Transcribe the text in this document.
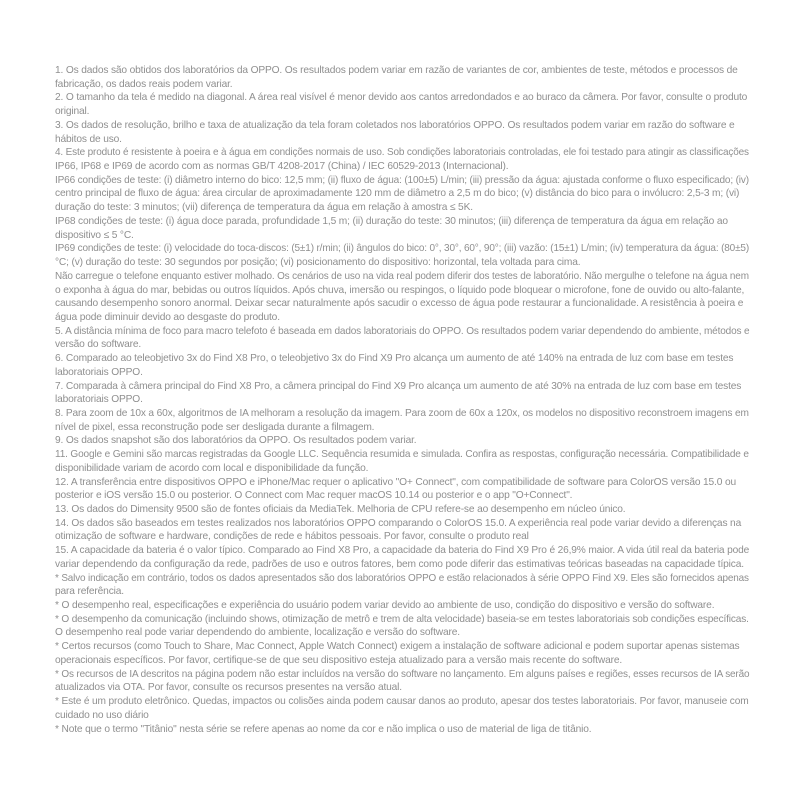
1. Os dados são obtidos dos laboratórios da OPPO. Os resultados podem variar em razão de variantes de cor, ambientes de teste, métodos e processos de
fabricação, os dados reais podem variar.
2. O tamanho da tela é medido na diagonal. A área real visível é menor devido aos cantos arredondados e ao buraco da câmera. Por favor, consulte o produto
original.
3. Os dados de resolução, brilho e taxa de atualização da tela foram coletados nos laboratórios OPPO. Os resultados podem variar em razão do software e
hábitos de uso.
4. Este produto é resistente à poeira e à água em condições normais de uso. Sob condições laboratoriais controladas, ele foi testado para atingir as classificações
IP66, IP68 e IP69 de acordo com as normas GB/T 4208-2017 (China) / IEC 60529-2013 (Internacional).
IP66 condições de teste: (i) diâmetro interno do bico: 12,5 mm; (ii) fluxo de água: (100±5) L/min; (iii) pressão da água: ajustada conforme o fluxo especificado; (iv)
centro principal de fluxo de água: área circular de aproximadamente 120 mm de diâmetro a 2,5 m do bico; (v) distância do bico para o invólucro: 2,5-3 m; (vi)
duração do teste: 3 minutos; (vii) diferença de temperatura da água em relação à amostra ≤ 5K.
IP68 condições de teste: (i) água doce parada, profundidade 1,5 m; (ii) duração do teste: 30 minutos; (iii) diferença de temperatura da água em relação ao
dispositivo ≤ 5 °C.
IP69 condições de teste: (i) velocidade do toca-discos: (5±1) r/min; (ii) ângulos do bico: 0°, 30°, 60°, 90°; (iii) vazão: (15±1) L/min; (iv) temperatura da água: (80±5)
°C; (v) duração do teste: 30 segundos por posição; (vi) posicionamento do dispositivo: horizontal, tela voltada para cima.
Não carregue o telefone enquanto estiver molhado. Os cenários de uso na vida real podem diferir dos testes de laboratório. Não mergulhe o telefone na água nem
o exponha à água do mar, bebidas ou outros líquidos. Após chuva, imersão ou respingos, o líquido pode bloquear o microfone, fone de ouvido ou alto-falante,
causando desempenho sonoro anormal. Deixar secar naturalmente após sacudir o excesso de água pode restaurar a funcionalidade. A resistência à poeira e
água pode diminuir devido ao desgaste do produto.
5. A distância mínima de foco para macro telefoto é baseada em dados laboratoriais do OPPO. Os resultados podem variar dependendo do ambiente, métodos e
versão do software.
6. Comparado ao teleobjetivo 3x do Find X8 Pro, o teleobjetivo 3x do Find X9 Pro alcança um aumento de até 140% na entrada de luz com base em testes
laboratoriais OPPO.
7. Comparada à câmera principal do Find X8 Pro, a câmera principal do Find X9 Pro alcança um aumento de até 30% na entrada de luz com base em testes
laboratoriais OPPO.
8. Para zoom de 10x a 60x, algoritmos de IA melhoram a resolução da imagem. Para zoom de 60x a 120x, os modelos no dispositivo reconstroem imagens em
nível de pixel, essa reconstrução pode ser desligada durante a filmagem.
9. Os dados snapshot são dos laboratórios da OPPO. Os resultados podem variar.
11. Google e Gemini são marcas registradas da Google LLC. Sequência resumida e simulada. Confira as respostas, configuração necessária. Compatibilidade e
disponibilidade variam de acordo com local e disponibilidade da função.
12. A transferência entre dispositivos OPPO e iPhone/Mac requer o aplicativo "O+ Connect", com compatibilidade de software para ColorOS versão 15.0 ou
posterior e iOS versão 15.0 ou posterior. O Connect com Mac requer macOS 10.14 ou posterior e o app "O+Connect".
13. Os dados do Dimensity 9500 são de fontes oficiais da MediaTek. Melhoria de CPU refere-se ao desempenho em núcleo único.
14. Os dados são baseados em testes realizados nos laboratórios OPPO comparando o ColorOS 15.0. A experiência real pode variar devido a diferenças na
otimização de software e hardware, condições de rede e hábitos pessoais. Por favor, consulte o produto real
15. A capacidade da bateria é o valor típico. Comparado ao Find X8 Pro, a capacidade da bateria do Find X9 Pro é 26,9% maior. A vida útil real da bateria pode
variar dependendo da configuração da rede, padrões de uso e outros fatores, bem como pode diferir das estimativas teóricas baseadas na capacidade típica.
* Salvo indicação em contrário, todos os dados apresentados são dos laboratórios OPPO e estão relacionados à série OPPO Find X9. Eles são fornecidos apenas
para referência.
* O desempenho real, especificações e experiência do usuário podem variar devido ao ambiente de uso, condição do dispositivo e versão do software.
* O desempenho da comunicação (incluindo shows, otimização de metrô e trem de alta velocidade) baseia-se em testes laboratoriais sob condições específicas.
O desempenho real pode variar dependendo do ambiente, localização e versão do software.
* Certos recursos (como Touch to Share, Mac Connect, Apple Watch Connect) exigem a instalação de software adicional e podem suportar apenas sistemas
operacionais específicos. Por favor, certifique-se de que seu dispositivo esteja atualizado para a versão mais recente do software.
* Os recursos de IA descritos na página podem não estar incluídos na versão do software no lançamento. Em alguns países e regiões, esses recursos de IA serão
atualizados via OTA. Por favor, consulte os recursos presentes na versão atual.
* Este é um produto eletrônico. Quedas, impactos ou colisões ainda podem causar danos ao produto, apesar dos testes laboratoriais. Por favor, manuseie com
cuidado no uso diário
* Note que o termo "Titânio" nesta série se refere apenas ao nome da cor e não implica o uso de material de liga de titânio.
